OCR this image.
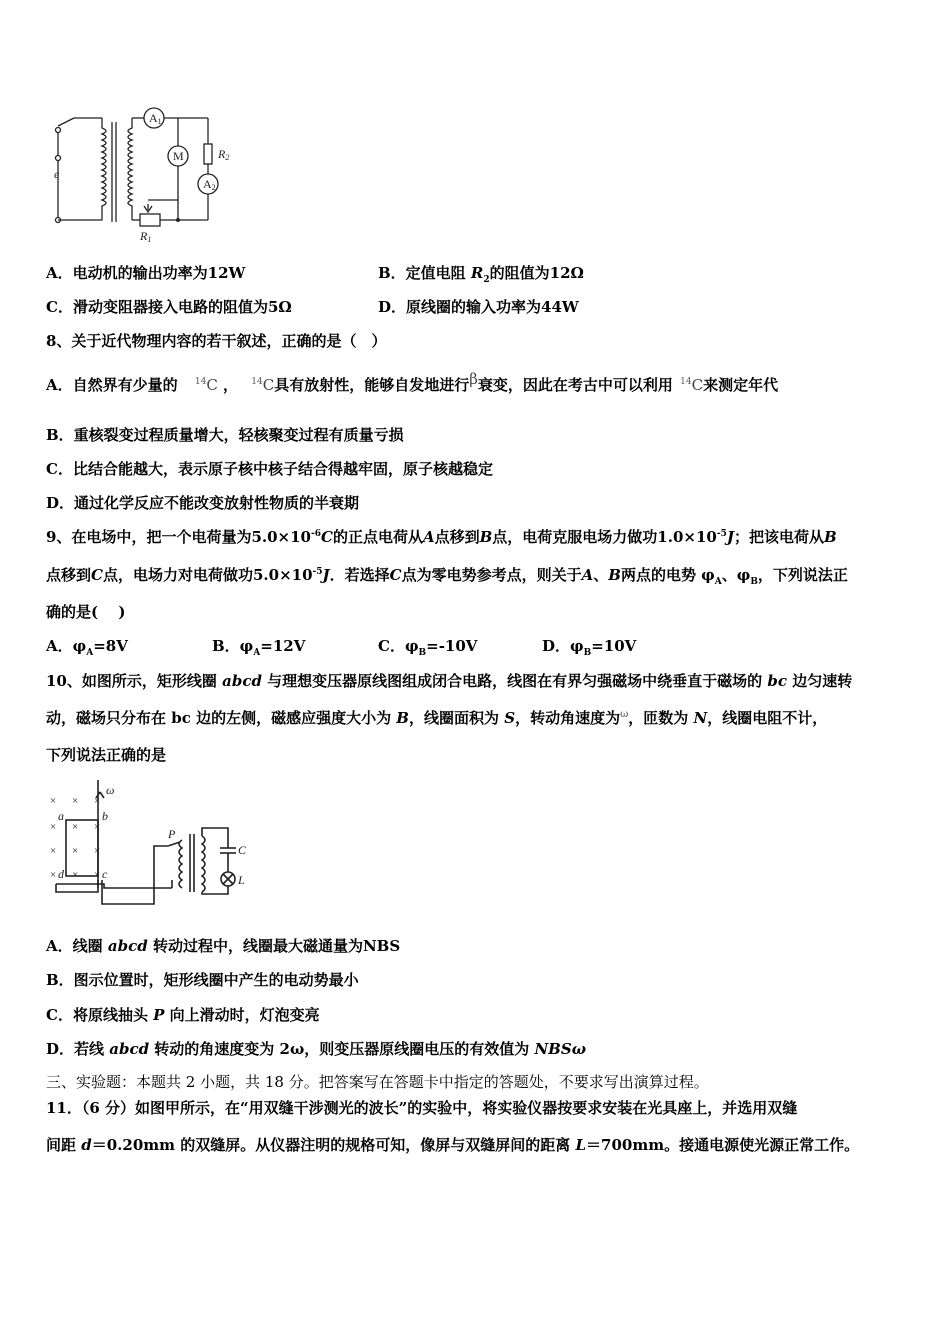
A1
M	R2
A2
R1
e
A．电动机的输出功率为12W	B．定值电阻 $R_2$的阻值为12Ω
C．滑动变阻器接入电路的阻值为5Ω	D．原线圈的输入功率为44W
8、关于近代物理内容的若干叙述，正确的是（　）
A．自然界有少量的 $^{14}$C ， $^{14}$C具有放射性，能够自发地进行β衰变，因此在考古中可以利用 $^{14}$C来测定年代
B．重核裂变过程质量增大，轻核聚变过程有质量亏损
C．比结合能越大，表示原子核中核子结合得越牢固，原子核越稳定
D．通过化学反应不能改变放射性物质的半衰期
9、在电场中，把一个电荷量为$5.0\times 10^{-6}C$的正点电荷从A点移到B点，电荷克服电场力做功$1.0\times 10^{-5}J$；把该电荷从B
点移到C点，电场力对电荷做功$5.0\times 10^{-5}J$．若选择C点为零电势参考点，则关于A、B两点的电势 $\varphi_A$、$\varphi_B$，下列说法正
确的是(　 )
A．$\varphi_A=8V$	B．$\varphi_A=12V$	C．$\varphi_B=-10V$	D．$\varphi_B=10V$
10、如图所示，矩形线圈 abcd 与理想变压器原线图组成闭合电路，线图在有界匀强磁场中绕垂直于磁场的 bc 边匀速转
动，磁场只分布在 bc 边的左侧，磁感应强度大小为 B，线圈面积为 S，转动角速度为$^\omega$，匝数为 N，线圈电阻不计，
下列说法正确的是
× × ×
× × ×
× × ×
× × ×
ω
a	b
c
d
P
C
L
A．线圈 abcd 转动过程中，线圈最大磁通量为NBS
B．图示位置时，矩形线圈中产生的电动势最小
C．将原线抽头 P 向上滑动时，灯泡变亮
D．若线 abcd 转动的角速度变为 2ω，则变压器原线圈电压的有效值为 NBSω
三、实验题：本题共 2 小题，共 18 分。把答案写在答题卡中指定的答题处，不要求写出演算过程。
11．（6 分）如图甲所示，在“用双缝干涉测光的波长”的实验中，将实验仪器按要求安装在光具座上，并选用双缝
间距 d＝0.20mm 的双缝屏。从仪器注明的规格可知，像屏与双缝屏间的距离 L＝700mm。接通电源使光源正常工作。
